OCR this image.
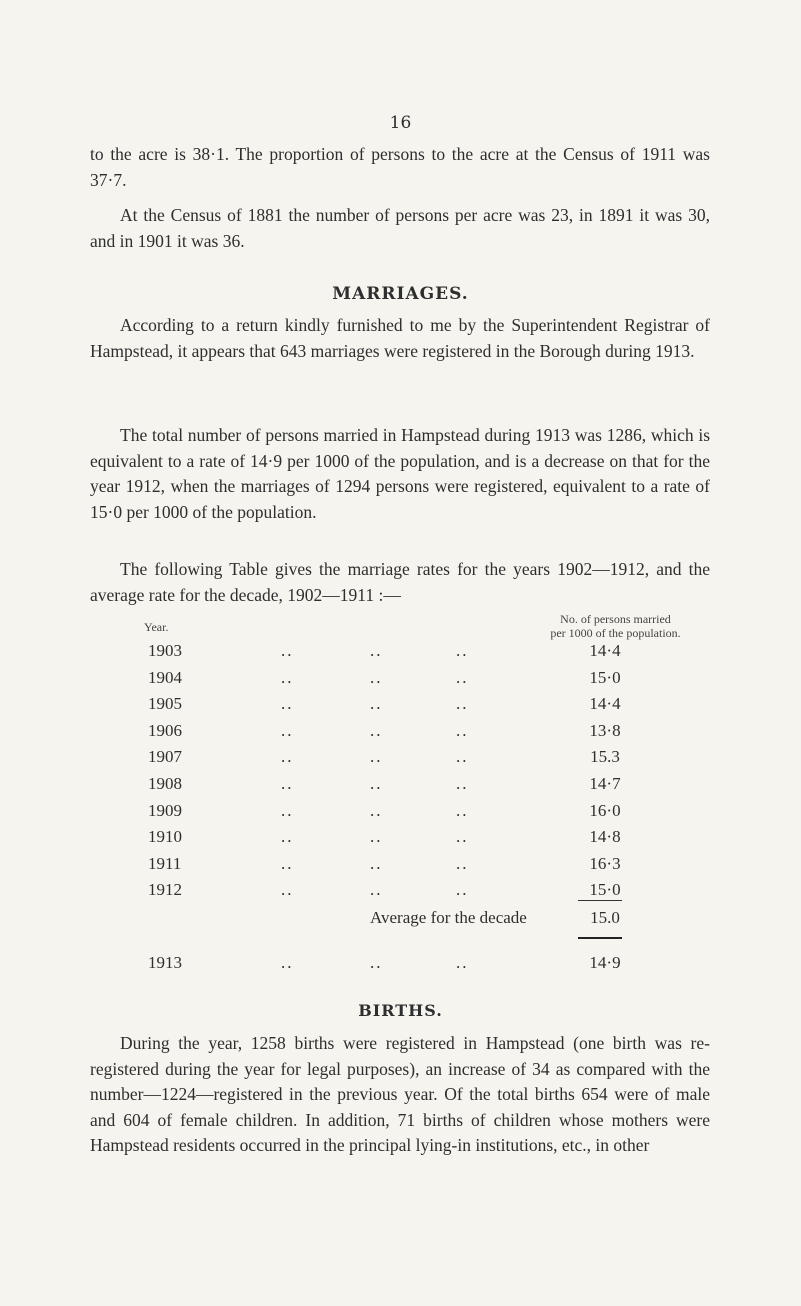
16

to the acre is 38·1. The proportion of persons to the acre at the Census of 1911 was 37·7.

At the Census of 1881 the number of persons per acre was 23, in 1891 it was 30, and in 1901 it was 36.

MARRIAGES.

According to a return kindly furnished to me by the Superintendent Registrar of Hampstead, it appears that 643 marriages were registered in the Borough during 1913.

The total number of persons married in Hampstead during 1913 was 1286, which is equivalent to a rate of 14·9 per 1000 of the population, and is a decrease on that for the year 1912, when the marriages of 1294 persons were registered, equivalent to a rate of 15·0 per 1000 of the population.

The following Table gives the marriage rates for the years 1902—1912, and the average rate for the decade, 1902—1911 :—

Year.
No. of persons married
per 1000 of the population.
1903	..	..	..	14·4
1904	..	..	..	15·0
1905	..	..	..	14·4
1906	..	..	..	13·8
1907	..	..	..	15.3
1908	..	..	..	14·7
1909	..	..	..	16·0
1910	..	..	..	14·8
1911	..	..	..	16·3
1912	..	..	..	15·0
Average for the decade	15.0
1913	..	..	..	14·9
BIRTHS.

During the year, 1258 births were registered in Hampstead (one birth was re-registered during the year for legal purposes), an increase of 34 as compared with the number—1224—registered in the previous year. Of the total births 654 were of male and 604 of female children. In addition, 71 births of children whose mothers were Hampstead residents occurred in the principal lying-in institutions, etc., in other
